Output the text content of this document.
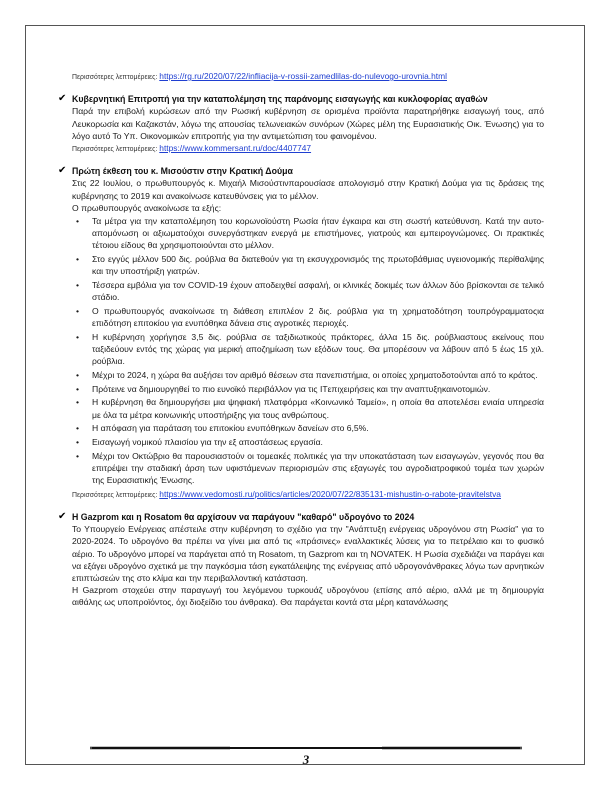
Περισσότερες λεπτομέρειες: https://rg.ru/2020/07/22/infliacija-v-rossii-zamedlilas-do-nulevogo-urovnia.html
✔ Κυβερνητική Επιτροπή για την καταπολέμηση της παράνομης εισαγωγής και κυκλοφορίας αγαθών

Παρά την επιβολή κυρώσεων από την Ρωσική κυβέρνηση σε ορισμένα προϊόντα παρατηρήθηκε εισαγωγή τους, από Λευκορωσία και Καζακστάν, λόγω της απουσίας τελωνειακών συνόρων (Χώρες μέλη της Ευρασιατικής Οικ. Ένωσης) για το λόγο αυτό Το Υπ. Οικονομικών επιτροπής για την αντιμετώπιση του φαινομένου.

Περισσότερες λεπτομέρειες: https://www.kommersant.ru/doc/4407747
✔ Πρώτη έκθεση του κ. Μισούστιν στην Κρατική Δούμα

Στις 22 Ιουλίου, ο πρωθυπουργός κ. Μιχαήλ Μισούστινπαρουσίασε απολογισμό στην Κρατική Δούμα για τις δράσεις της κυβέρνησης το 2019 και ανακοίνωσε κατευθύνσεις για το μέλλον.

Ο πρωθυπουργός ανακοίνωσε τα εξής:

• Τα μέτρα για την καταπολέμηση του κορωνοϊούστη Ρωσία ήταν έγκαιρα και στη σωστή κατεύθυνση. Κατά την αυτο-απομόνωση οι αξιωματούχοι συνεργάστηκαν ενεργά με επιστήμονες, γιατρούς και εμπειρογνώμονες. Οι πρακτικές τέτοιου είδους θα χρησιμοποιούνται στο μέλλον.
• Στο εγγύς μέλλον 500 δις. ρούβλια θα διατεθούν για τη εκσυγχρονισμός της πρωτοβάθμιας υγειονομικής περίθαλψης και την υποστήριξη γιατρών.
• Τέσσερα εμβόλια για τον COVID-19 έχουν αποδειχθεί ασφαλή, οι κλινικές δοκιμές των άλλων δύο βρίσκονται σε τελικό στάδιο.
• Ο πρωθυπουργός ανακοίνωσε τη διάθεση επιπλέον 2 δις. ρούβλια για τη χρηματοδότηση τουπρόγραμματοςια επιδότηση επιτοκίου για ενυπόθηκα δάνεια στις αγροτικές περιοχές.
• Η κυβέρνηση χορήγησε 3,5 δις. ρούβλια σε ταξιδιωτικούς πράκτορες, άλλα 15 δις. ρούβλιαστους εκείνους που ταξιδεύουν εντός της χώρας για μερική αποζημίωση των εξόδων τους. Θα μπορέσουν να λάβουν από 5 έως 15 χιλ. ρούβλια.
• Μέχρι το 2024, η χώρα θα αυξήσει τον αριθμό θέσεων στα πανεπιστήμια, οι οποίες χρηματοδοτούνται από το κράτος.
• Πρότεινε να δημιουργηθεί το πιο ευνοϊκό περιβάλλον για τις ITεπιχειρήσεις και την αναπτυξηκαινοτομιών.
• Η κυβέρνηση θα δημιουργήσει μια ψηφιακή πλατφόρμα «Κοινωνικό Ταμείο», η οποία θα αποτελέσει ενιαία υπηρεσία με όλα τα μέτρα κοινωνικής υποστήριξης για τους ανθρώπους.
• Η απόφαση για παράταση του επιτοκίου ενυπόθηκων δανείων στο 6,5%.
• Εισαγωγή νομικού πλαισίου για την εξ αποστάσεως εργασία.
• Μέχρι τον Οκτώβριο θα παρουσιαστούν οι τομεακές πολιτικές για την υποκατάσταση των εισαγωγών, γεγονός που θα επιτρέψει την σταδιακή άρση των υφιστάμενων περιορισμών στις εξαγωγές του αγροδιατροφικού τομέα των χωρών της Ευρασιατικής Ένωσης.
Περισσότερες λεπτομέρειες: https://www.vedomosti.ru/politics/articles/2020/07/22/835131-mishustin-o-rabote-pravitelstva
✔ Η Gazprom και η Rosatom θα αρχίσουν να παράγουν "καθαρό" υδρογόνο το 2024

Το Υπουργείο Ενέργειας απέστειλε στην κυβέρνηση το σχέδιο για την "Ανάπτυξη ενέργειας υδρογόνου στη Ρωσία" για το 2020-2024. Το υδρογόνο θα πρέπει να γίνει μια από τις «πράσινες» εναλλακτικές λύσεις για το πετρέλαιο και το φυσικό αέριο. Το υδρογόνο μπορεί να παράγεται από τη Rosatom, τη Gazprom και τη NOVATEK. Η Ρωσία σχεδιάζει να παράγει και να εξάγει υδρογόνο σχετικά με την παγκόσμια τάση εγκατάλειψης της ενέργειας από υδρογονάνθρακες λόγω των αρνητικών επιπτώσεών της στο κλίμα και την περιβαλλοντική κατάσταση.

Η Gazprom στοχεύει στην παραγωγή του λεγόμενου τυρκουάζ υδρογόνου (επίσης από αέριο, αλλά με τη δημιουργία αιθάλης ως υποπροϊόντος, όχι διοξείδιο του άνθρακα). Θα παράγεται κοντά στα μέρη κατανάλωσης

3
